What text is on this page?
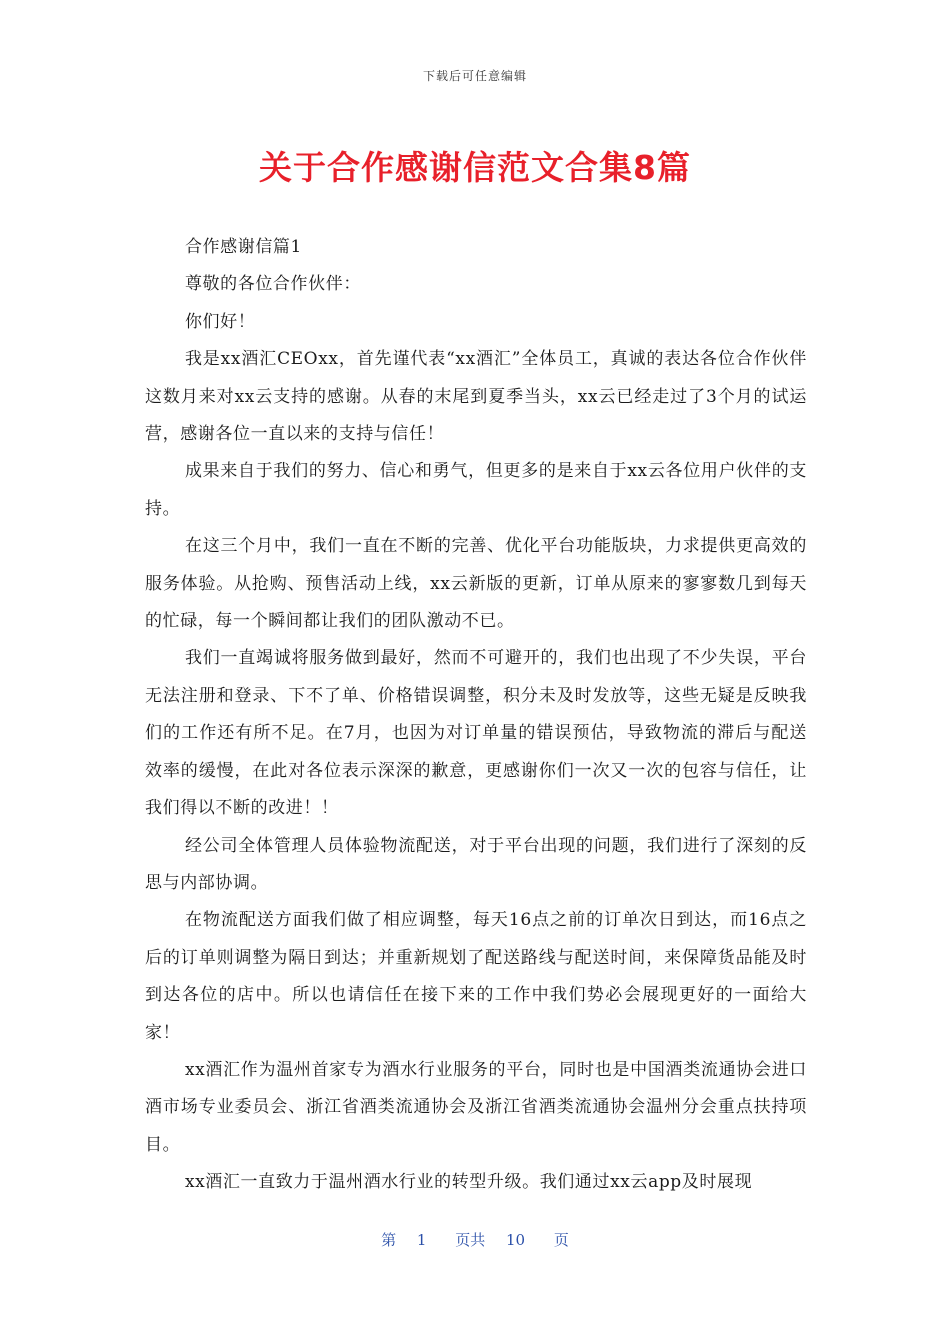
下载后可任意编辑
关于合作感谢信范文合集8篇

合作感谢信篇1

尊敬的各位合作伙伴：

你们好！

我是xx酒汇CEOxx，首先谨代表“xx酒汇”全体员工，真诚的表达各位合作伙伴这数月来对xx云支持的感谢。从春的末尾到夏季当头，xx云已经走过了3个月的试运营，感谢各位一直以来的支持与信任！

成果来自于我们的努力、信心和勇气，但更多的是来自于xx云各位用户伙伴的支持。

在这三个月中，我们一直在不断的完善、优化平台功能版块，力求提供更高效的服务体验。从抢购、预售活动上线，xx云新版的更新，订单从原来的寥寥数几到每天的忙碌，每一个瞬间都让我们的团队激动不已。

我们一直竭诚将服务做到最好，然而不可避开的，我们也出现了不少失误，平台无法注册和登录、下不了单、价格错误调整，积分未及时发放等，这些无疑是反映我们的工作还有所不足。在7月，也因为对订单量的错误预估，导致物流的滞后与配送效率的缓慢，在此对各位表示深深的歉意，更感谢你们一次又一次的包容与信任，让我们得以不断的改进！！

经公司全体管理人员体验物流配送，对于平台出现的问题，我们进行了深刻的反思与内部协调。

在物流配送方面我们做了相应调整，每天16点之前的订单次日到达，而16点之后的订单则调整为隔日到达；并重新规划了配送路线与配送时间，来保障货品能及时到达各位的店中。所以也请信任在接下来的工作中我们势必会展现更好的一面给大家！

xx酒汇作为温州首家专为酒水行业服务的平台，同时也是中国酒类流通协会进口酒市场专业委员会、浙江省酒类流通协会及浙江省酒类流通协会温州分会重点扶持项目。

xx酒汇一直致力于温州酒水行业的转型升级。我们通过xx云app及时展现

第 1 页共 10 页
